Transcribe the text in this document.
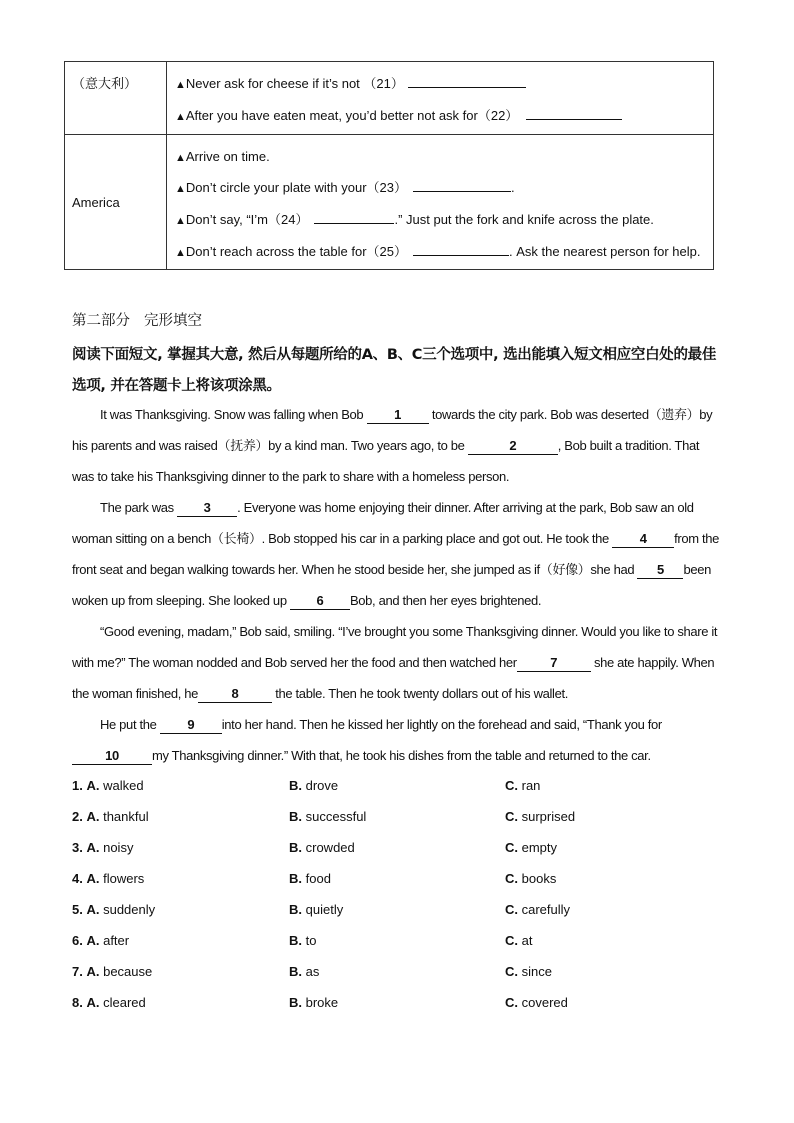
（意大利）	▲Never ask for cheese if it’s not （21）
▲After you have eaten meat, you’d better not ask for（22）

America	▲Arrive on time.
▲Don’t circle your plate with your（23） .
▲Don’t say, “I’m（24） .” Just put the fork and knife across the plate.
▲Don’t reach across the table for（25） . Ask the nearest person for help.
第二部分 完形填空
阅读下面短文, 掌握其大意, 然后从每题所给的A、B、C三个选项中, 选出能填入短文相应空白处的最佳选项, 并在答题卡上将该项涂黑。

It was Thanksgiving. Snow was falling when Bob 1 towards the city park. Bob was deserted（遗弃）by his parents and was raised（抚养）by a kind man. Two years ago, to be	2	, Bob built a tradition. That was to take his Thanksgiving dinner to the park to share with a homeless person.

The park was 3 . Everyone was home enjoying their dinner. After arriving at the park, Bob saw an old woman sitting on a bench（长椅）. Bob stopped his car in a parking place and got out. He took the 4 from the front seat and began walking towards her. When he stood beside her, she jumped as if（好像）she had 5 been woken up from sleeping. She looked up 6 Bob, and then her eyes brightened.

“Good evening, madam,” Bob said, smiling. “I’ve brought you some Thanksgiving dinner. Would you like to share it with me?” The woman nodded and Bob served her the food and then watched her	7	she ate happily. When the woman finished, he	8	the table. Then he took twenty dollars out of his wallet.

He put the 9 into her hand. Then he kissed her lightly on the forehead and said, “Thank you for10	my Thanksgiving dinner.” With that, he took his dishes from the table and returned to the car.

1. A. walked	B. drove	C. ran
2. A. thankful	B. successful	C. surprised
3. A. noisy	B. crowded	C. empty
4. A. flowers	B. food	C. books
5. A. suddenly	B. quietly	C. carefully
6. A. after	B. to	C. at
7. A. because	B. as	C. since
8. A. cleared	B. broke	C. covered
